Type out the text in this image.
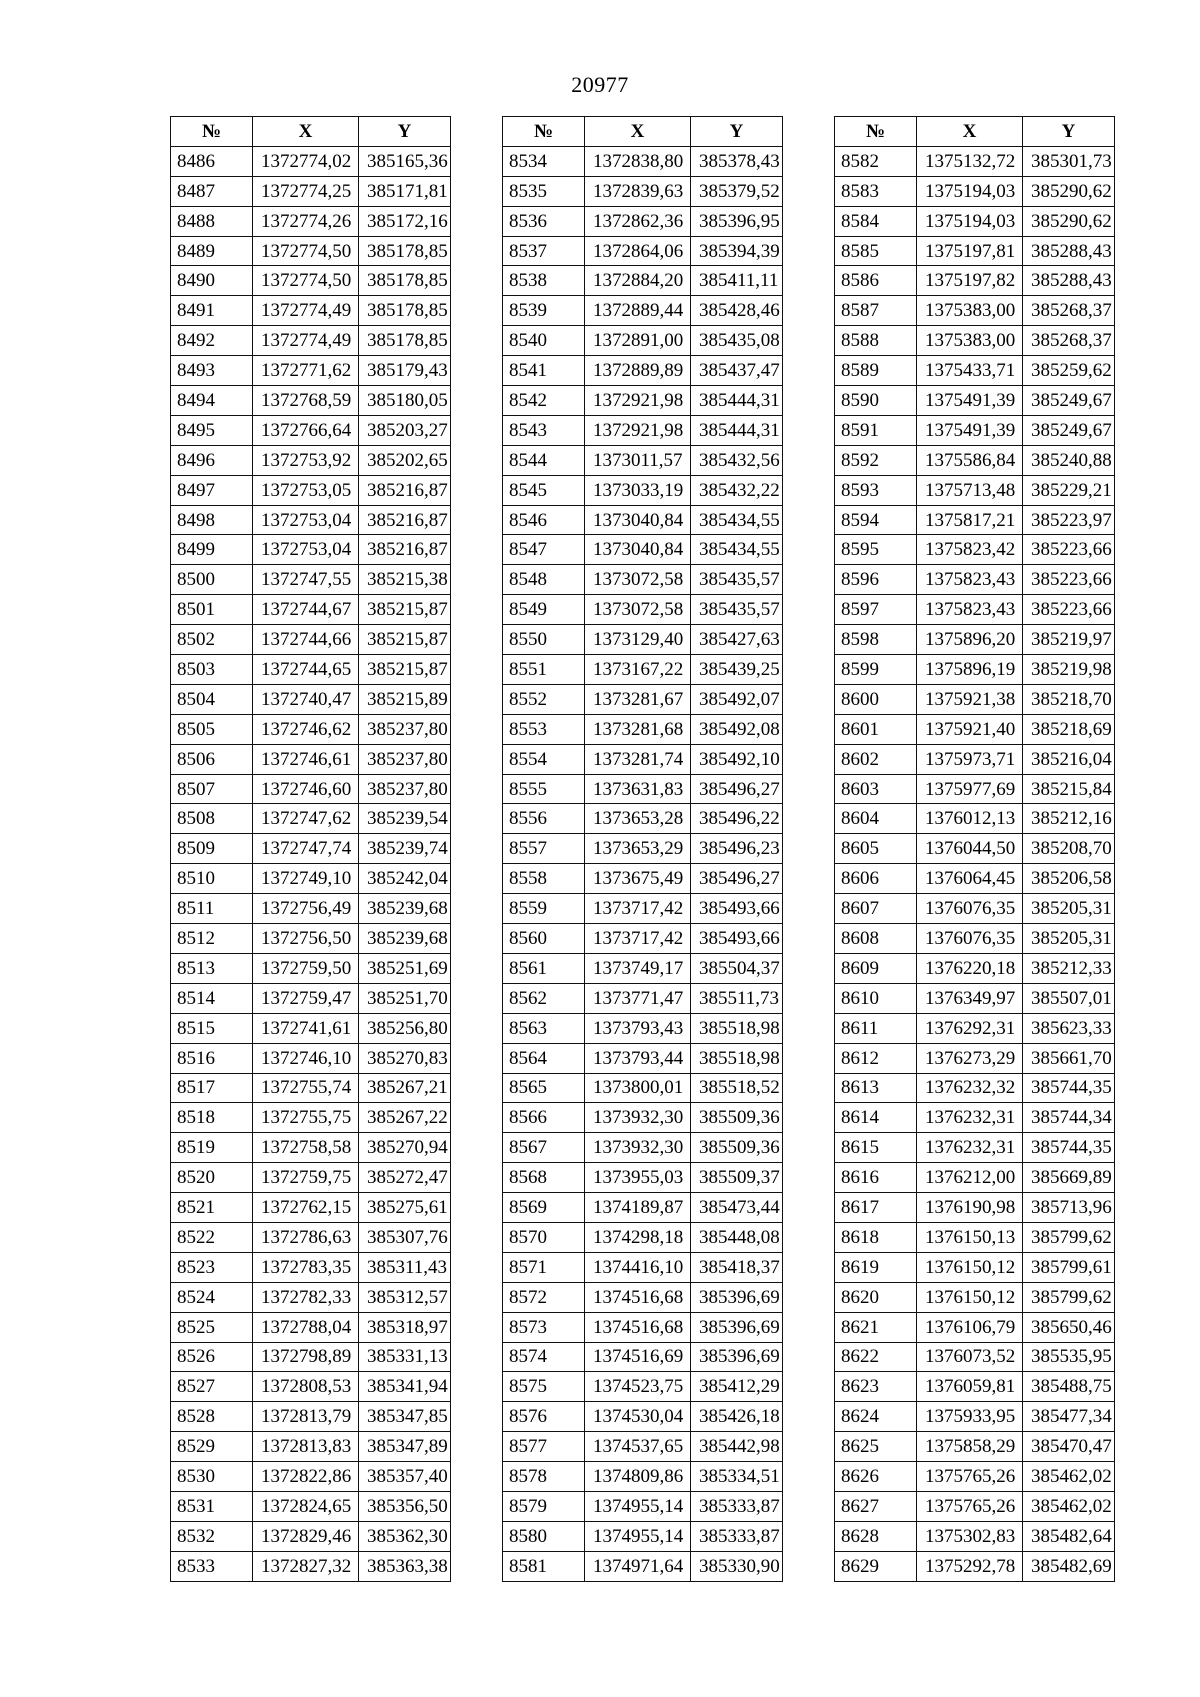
20977
№	X	Y
8486	1372774,02	385165,36
8487	1372774,25	385171,81
8488	1372774,26	385172,16
8489	1372774,50	385178,85
8490	1372774,50	385178,85
8491	1372774,49	385178,85
8492	1372774,49	385178,85
8493	1372771,62	385179,43
8494	1372768,59	385180,05
8495	1372766,64	385203,27
8496	1372753,92	385202,65
8497	1372753,05	385216,87
8498	1372753,04	385216,87
8499	1372753,04	385216,87
8500	1372747,55	385215,38
8501	1372744,67	385215,87
8502	1372744,66	385215,87
8503	1372744,65	385215,87
8504	1372740,47	385215,89
8505	1372746,62	385237,80
8506	1372746,61	385237,80
8507	1372746,60	385237,80
8508	1372747,62	385239,54
8509	1372747,74	385239,74
8510	1372749,10	385242,04
8511	1372756,49	385239,68
8512	1372756,50	385239,68
8513	1372759,50	385251,69
8514	1372759,47	385251,70
8515	1372741,61	385256,80
8516	1372746,10	385270,83
8517	1372755,74	385267,21
8518	1372755,75	385267,22
8519	1372758,58	385270,94
8520	1372759,75	385272,47
8521	1372762,15	385275,61
8522	1372786,63	385307,76
8523	1372783,35	385311,43
8524	1372782,33	385312,57
8525	1372788,04	385318,97
8526	1372798,89	385331,13
8527	1372808,53	385341,94
8528	1372813,79	385347,85
8529	1372813,83	385347,89
8530	1372822,86	385357,40
8531	1372824,65	385356,50
8532	1372829,46	385362,30
8533	1372827,32	385363,38
№	X	Y
8534	1372838,80	385378,43
8535	1372839,63	385379,52
8536	1372862,36	385396,95
8537	1372864,06	385394,39
8538	1372884,20	385411,11
8539	1372889,44	385428,46
8540	1372891,00	385435,08
8541	1372889,89	385437,47
8542	1372921,98	385444,31
8543	1372921,98	385444,31
8544	1373011,57	385432,56
8545	1373033,19	385432,22
8546	1373040,84	385434,55
8547	1373040,84	385434,55
8548	1373072,58	385435,57
8549	1373072,58	385435,57
8550	1373129,40	385427,63
8551	1373167,22	385439,25
8552	1373281,67	385492,07
8553	1373281,68	385492,08
8554	1373281,74	385492,10
8555	1373631,83	385496,27
8556	1373653,28	385496,22
8557	1373653,29	385496,23
8558	1373675,49	385496,27
8559	1373717,42	385493,66
8560	1373717,42	385493,66
8561	1373749,17	385504,37
8562	1373771,47	385511,73
8563	1373793,43	385518,98
8564	1373793,44	385518,98
8565	1373800,01	385518,52
8566	1373932,30	385509,36
8567	1373932,30	385509,36
8568	1373955,03	385509,37
8569	1374189,87	385473,44
8570	1374298,18	385448,08
8571	1374416,10	385418,37
8572	1374516,68	385396,69
8573	1374516,68	385396,69
8574	1374516,69	385396,69
8575	1374523,75	385412,29
8576	1374530,04	385426,18
8577	1374537,65	385442,98
8578	1374809,86	385334,51
8579	1374955,14	385333,87
8580	1374955,14	385333,87
8581	1374971,64	385330,90
№	X	Y
8582	1375132,72	385301,73
8583	1375194,03	385290,62
8584	1375194,03	385290,62
8585	1375197,81	385288,43
8586	1375197,82	385288,43
8587	1375383,00	385268,37
8588	1375383,00	385268,37
8589	1375433,71	385259,62
8590	1375491,39	385249,67
8591	1375491,39	385249,67
8592	1375586,84	385240,88
8593	1375713,48	385229,21
8594	1375817,21	385223,97
8595	1375823,42	385223,66
8596	1375823,43	385223,66
8597	1375823,43	385223,66
8598	1375896,20	385219,97
8599	1375896,19	385219,98
8600	1375921,38	385218,70
8601	1375921,40	385218,69
8602	1375973,71	385216,04
8603	1375977,69	385215,84
8604	1376012,13	385212,16
8605	1376044,50	385208,70
8606	1376064,45	385206,58
8607	1376076,35	385205,31
8608	1376076,35	385205,31
8609	1376220,18	385212,33
8610	1376349,97	385507,01
8611	1376292,31	385623,33
8612	1376273,29	385661,70
8613	1376232,32	385744,35
8614	1376232,31	385744,34
8615	1376232,31	385744,35
8616	1376212,00	385669,89
8617	1376190,98	385713,96
8618	1376150,13	385799,62
8619	1376150,12	385799,61
8620	1376150,12	385799,62
8621	1376106,79	385650,46
8622	1376073,52	385535,95
8623	1376059,81	385488,75
8624	1375933,95	385477,34
8625	1375858,29	385470,47
8626	1375765,26	385462,02
8627	1375765,26	385462,02
8628	1375302,83	385482,64
8629	1375292,78	385482,69
